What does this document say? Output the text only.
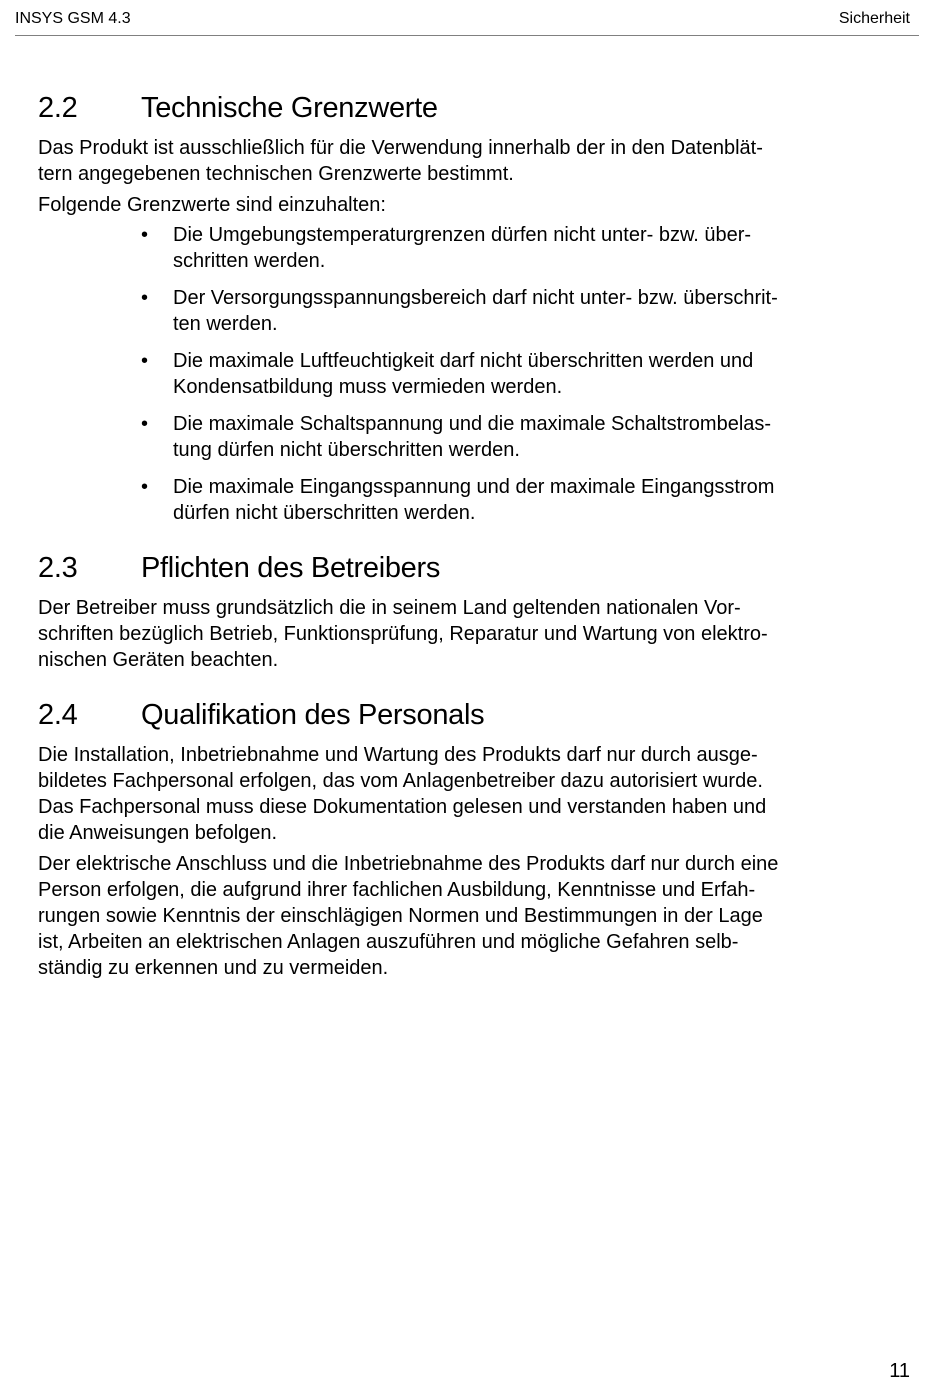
INSYS GSM 4.3	Sicherheit
2.2 Technische Grenzwerte

Das Produkt ist ausschließlich für die Verwendung innerhalb der in den Datenblät-
tern angegebenen technischen Grenzwerte bestimmt.

Folgende Grenzwerte sind einzuhalten:

• Die Umgebungstemperaturgrenzen dürfen nicht unter- bzw. über-
schritten werden.
• Der Versorgungsspannungsbereich darf nicht unter- bzw. überschrit-
ten werden.
• Die maximale Luftfeuchtigkeit darf nicht überschritten werden und
Kondensatbildung muss vermieden werden.
• Die maximale Schaltspannung und die maximale Schaltstrombelas-
tung dürfen nicht überschritten werden.
• Die maximale Eingangsspannung und der maximale Eingangsstrom
dürfen nicht überschritten werden.
2.3 Pflichten des Betreibers

Der Betreiber muss grundsätzlich die in seinem Land geltenden nationalen Vor-
schriften bezüglich Betrieb, Funktionsprüfung, Reparatur und Wartung von elektro-
nischen Geräten beachten.

2.4 Qualifikation des Personals

Die Installation, Inbetriebnahme und Wartung des Produkts darf nur durch ausge-
bildetes Fachpersonal erfolgen, das vom Anlagenbetreiber dazu autorisiert wurde.
Das Fachpersonal muss diese Dokumentation gelesen und verstanden haben und
die Anweisungen befolgen.

Der elektrische Anschluss und die Inbetriebnahme des Produkts darf nur durch eine
Person erfolgen, die aufgrund ihrer fachlichen Ausbildung, Kenntnisse und Erfah-
rungen sowie Kenntnis der einschlägigen Normen und Bestimmungen in der Lage
ist, Arbeiten an elektrischen Anlagen auszuführen und mögliche Gefahren selb-
ständig zu erkennen und zu vermeiden.

11
